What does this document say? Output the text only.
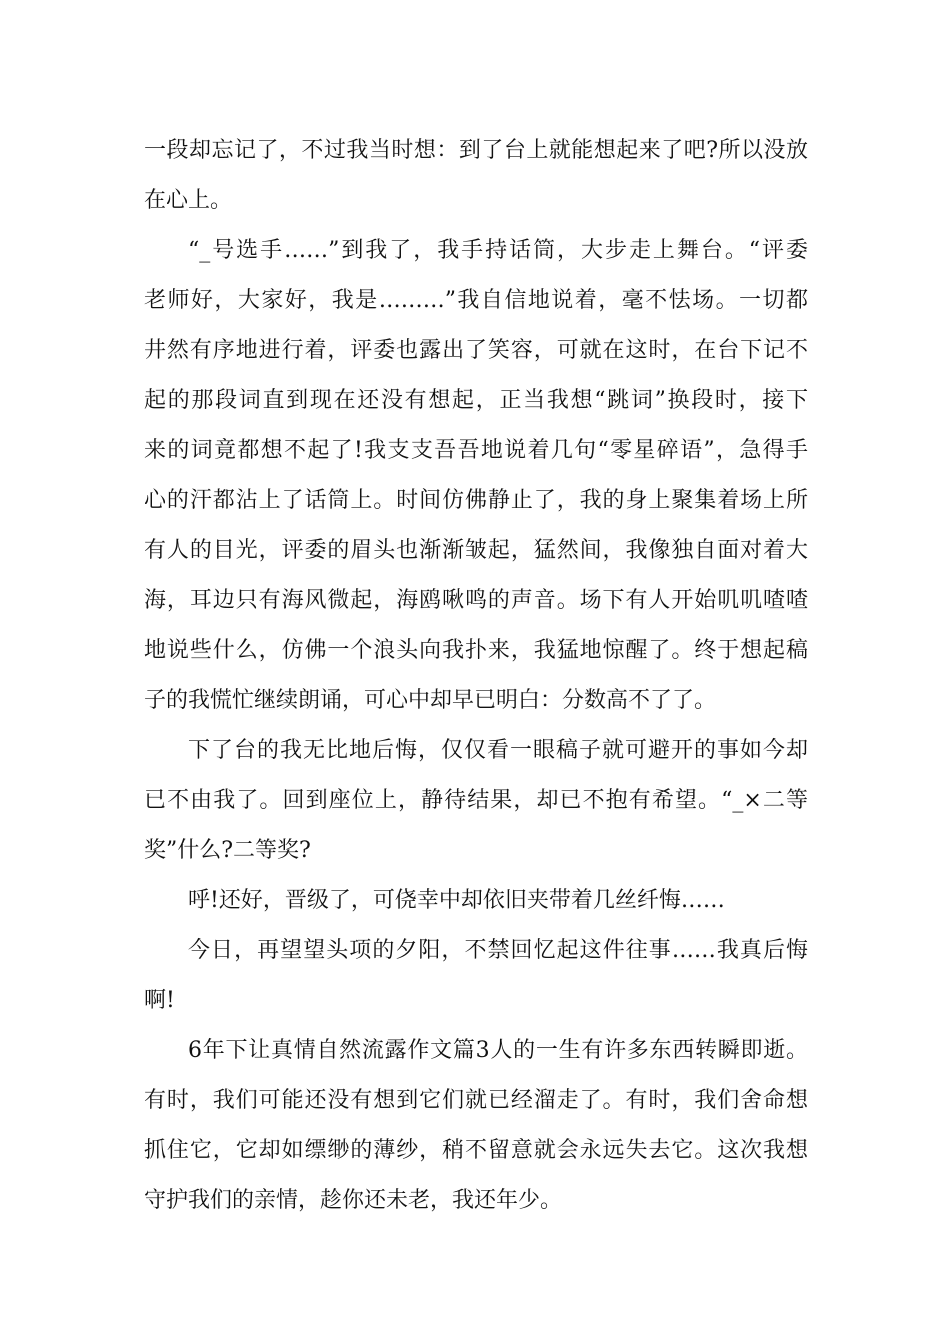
一段却忘记了，不过我当时想：到了台上就能想起来了吧?所以没放
在心上。
“_号选手……”到我了，我手持话筒，大步走上舞台。“评委
老师好，大家好，我是………”我自信地说着，毫不怯场。一切都
井然有序地进行着，评委也露出了笑容，可就在这时，在台下记不
起的那段词直到现在还没有想起，正当我想“跳词”换段时，接下
来的词竟都想不起了!我支支吾吾地说着几句“零星碎语”，急得手
心的汗都沾上了话筒上。时间仿佛静止了，我的身上聚集着场上所
有人的目光，评委的眉头也渐渐皱起，猛然间，我像独自面对着大
海，耳边只有海风微起，海鸥啾鸣的声音。场下有人开始叽叽喳喳
地说些什么，仿佛一个浪头向我扑来，我猛地惊醒了。终于想起稿
子的我慌忙继续朗诵，可心中却早已明白：分数高不了了。
下了台的我无比地后悔，仅仅看一眼稿子就可避开的事如今却
已不由我了。回到座位上，静待结果，却已不抱有希望。“_×二等
奖”什么?二等奖?
呼!还好，晋级了，可侥幸中却依旧夹带着几丝纤悔……
今日，再望望头项的夕阳，不禁回忆起这件往事……我真后悔
啊!
6年下让真情自然流露作文篇3人的一生有许多东西转瞬即逝。
有时，我们可能还没有想到它们就已经溜走了。有时，我们舍命想
抓住它，它却如缥缈的薄纱，稍不留意就会永远失去它。这次我想
守护我们的亲情，趁你还未老，我还年少。
